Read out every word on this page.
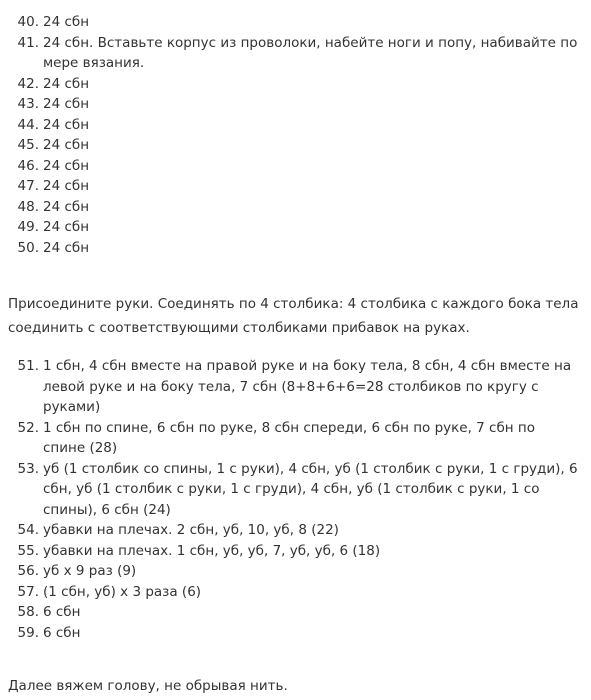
40. 24 сбн
41. 24 сбн. Вставьте корпус из проволоки, набейте ноги и попу, набивайте по мере вязания.
42. 24 сбн
43. 24 сбн
44. 24 сбн
45. 24 сбн
46. 24 сбн
47. 24 сбн
48. 24 сбн
49. 24 сбн
50. 24 сбн

Присоедините руки. Соединять по 4 столбика: 4 столбика с каждого бока тела соединить с соответствующими столбиками прибавок на руках.

51. 1 сбн, 4 сбн вместе на правой руке и на боку тела, 8 сбн, 4 сбн вместе на левой руке и на боку тела, 7 сбн (8+8+6+6=28 столбиков по кругу с руками)
52. 1 сбн по спине, 6 сбн по руке, 8 сбн спереди, 6 сбн по руке, 7 сбн по спине (28)
53. уб (1 столбик со спины, 1 с руки), 4 сбн, уб (1 столбик с руки, 1 с груди), 6 сбн, уб (1 столбик с руки, 1 с груди), 4 сбн, уб (1 столбик с руки, 1 со спины), 6 сбн (24)
54. убавки на плечах. 2 сбн, уб, 10, уб, 8 (22)
55. убавки на плечах. 1 сбн, уб, уб, 7, уб, уб, 6 (18)
56. уб х 9 раз (9)
57. (1 сбн, уб) х 3 раза (6)
58. 6 сбн
59. 6 сбн

Далее вяжем голову, не обрывая нить.
